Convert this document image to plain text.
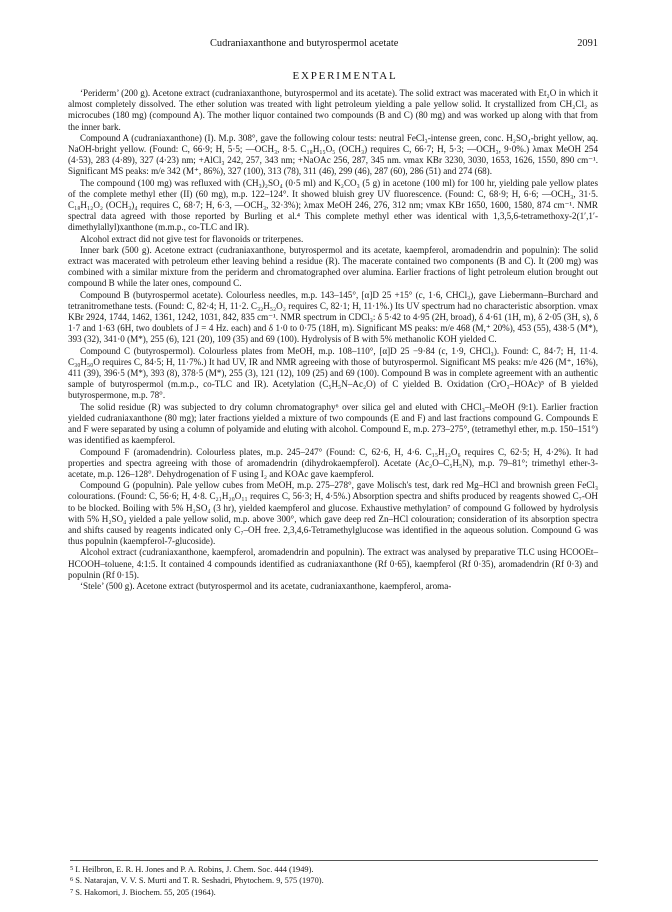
Cudraniaxanthone and butyrospermol acetate	2091
EXPERIMENTAL

‘Periderm’ (200 g). Acetone extract (cudraniaxanthone, butyrospermol and its acetate). The solid extract was macerated with Et₂O in which it almost completely dissolved. The ether solution was treated with light petroleum yielding a pale yellow solid. It crystallized from CH₂Cl₂ as microcubes (180 mg) (compound A). The mother liquor contained two compounds (B and C) (80 mg) and was worked up along with that from the inner bark.

Compound A (cudraniaxanthone) (I). M.p. 308°, gave the following colour tests: neutral FeCl₃-intense green, conc. H₂SO₄-bright yellow, aq. NaOH-bright yellow. (Found: C, 66·9; H, 5·5; —OCH₃, 8·5. C₁₈H₁₅O₅ (OCH₃) requires C, 66·7; H, 5·3; —OCH₃, 9·0%.) λmax MeOH 254 (4·53), 283 (4·89), 327 (4·23) nm; +AlCl₃ 242, 257, 343 nm; +NaOAc 256, 287, 345 nm. νmax KBr 3230, 3030, 1653, 1626, 1550, 890 cm⁻¹. Significant MS peaks: m/e 342 (M⁺, 86%), 327 (100), 313 (78), 311 (46), 299 (46), 287 (60), 286 (51) and 274 (68).

The compound (100 mg) was refluxed with (CH₃)₂SO₄ (0·5 ml) and K₂CO₃ (5 g) in acetone (100 ml) for 100 hr, yielding pale yellow plates of the complete methyl ether (II) (60 mg), m.p. 122–124°. It showed bluish grey UV fluorescence. (Found: C, 68·9; H, 6·6; —OCH₃, 31·5. C₁₈H₁₂O₂ (OCH₃)₄ requires C, 68·7; H, 6·3, —OCH₃, 32·3%); λmax MeOH 246, 276, 312 nm; νmax KBr 1650, 1600, 1580, 874 cm⁻¹. NMR spectral data agreed with those reported by Burling et al.⁴ This complete methyl ether was identical with 1,3,5,6-tetramethoxy-2(1′,1′-dimethylallyl)xanthone (m.m.p., co-TLC and IR).

Alcohol extract did not give test for flavonoids or triterpenes.

Inner bark (500 g). Acetone extract (cudraniaxanthone, butyrospermol and its acetate, kaempferol, aromadendrin and populnin): The solid extract was macerated with petroleum ether leaving behind a residue (R). The macerate contained two components (B and C). It (200 mg) was combined with a similar mixture from the periderm and chromatographed over alumina. Earlier fractions of light petroleum elution brought out compound B while the later ones, compound C.

Compound B (butyrospermol acetate). Colourless needles, m.p. 143–145°, [α]D 25 +15° (c, 1·6, CHCl₃), gave Liebermann–Burchard and tetranitromethane tests. (Found: C, 82·4; H, 11·2. C₃₂H₅₂O₂ requires C, 82·1; H, 11·1%.) Its UV spectrum had no characteristic absorption. νmax KBr 2924, 1744, 1462, 1361, 1242, 1031, 842, 835 cm⁻¹. NMR spectrum in CDCl₃: δ 5·42 to 4·95 (2H, broad), δ 4·61 (1H, m), δ 2·05 (3H, s), δ 1·7 and 1·63 (6H, two doublets of J = 4 Hz. each) and δ 1·0 to 0·75 (18H, m). Significant MS peaks: m/e 468 (M,⁺ 20%), 453 (55), 438·5 (M*), 393 (32), 341·0 (M*), 255 (6), 121 (20), 109 (35) and 69 (100). Hydrolysis of B with 5% methanolic KOH yielded C.

Compound C (butyrospermol). Colourless plates from MeOH, m.p. 108–110°, [α]D 25 −9·84 (c, 1·9, CHCl₃). Found: C, 84·7; H, 11·4. C₃₀H₅₀O requires C, 84·5; H, 11·7%.) It had UV, IR and NMR agreeing with those of butyrospermol. Significant MS peaks: m/e 426 (M⁺, 16%), 411 (39), 396·5 (M*), 393 (8), 378·5 (M*), 255 (3), 121 (12), 109 (25) and 69 (100). Compound B was in complete agreement with an authentic sample of butyrospermol (m.m.p., co-TLC and IR). Acetylation (C₅H₅N–Ac₂O) of C yielded B. Oxidation (CrO₃–HOAc)⁵ of B yielded butyrospermone, m.p. 78°.

The solid residue (R) was subjected to dry column chromatography⁶ over silica gel and eluted with CHCl₃–MeOH (9:1). Earlier fraction yielded cudraniaxanthone (80 mg); later fractions yielded a mixture of two compounds (E and F) and last fractions compound G. Compounds E and F were separated by using a column of polyamide and eluting with alcohol. Compound E, m.p. 273–275°, (tetramethyl ether, m.p. 150–151°) was identified as kaempferol.

Compound F (aromadendrin). Colourless plates, m.p. 245–247° (Found: C, 62·6, H, 4·6. C₁₅H₁₂O₆ requires C, 62·5; H, 4·2%). It had properties and spectra agreeing with those of aromadendrin (dihydrokaempferol). Acetate (Ac₂O–C₅H₅N), m.p. 79–81°; trimethyl ether-3-acetate, m.p. 126–128°. Dehydrogenation of F using I₂ and KOAc gave kaempferol.

Compound G (populnin). Pale yellow cubes from MeOH, m.p. 275–278°, gave Molisch's test, dark red Mg–HCl and brownish green FeCl₃ colourations. (Found: C, 56·6; H, 4·8. C₂₁H₂₀O₁₁ requires C, 56·3; H, 4·5%.) Absorption spectra and shifts produced by reagents showed C₇-OH to be blocked. Boiling with 5% H₂SO₄ (3 hr), yielded kaempferol and glucose. Exhaustive methylation⁷ of compound G followed by hydrolysis with 5% H₂SO₄ yielded a pale yellow solid, m.p. above 300°, which gave deep red Zn–HCl colouration; consideration of its absorption spectra and shifts caused by reagents indicated only C₇–OH free. 2,3,4,6-Tetramethylglucose was identified in the aqueous solution. Compound G was thus populnin (kaempferol-7-glucoside).

Alcohol extract (cudraniaxanthone, kaempferol, aromadendrin and populnin). The extract was analysed by preparative TLC using HCOOEt–HCOOH–toluene, 4:1:5. It contained 4 compounds identified as cudraniaxanthone (Rf 0·65), kaempferol (Rf 0·35), aromadendrin (Rf 0·3) and populnin (Rf 0·15).

‘Stele’ (500 g). Acetone extract (butyrospermol and its acetate, cudraniaxanthone, kaempferol, aroma-

$^5$ I. Heilbron, E. R. H. Jones and P. A. Robins, J. Chem. Soc. 444 (1949).
$^6$ S. Natarajan, V. V. S. Murti and T. R. Seshadri, Phytochem. 9, 575 (1970).
$^7$ S. Hakomori, J. Biochem. 55, 205 (1964).
